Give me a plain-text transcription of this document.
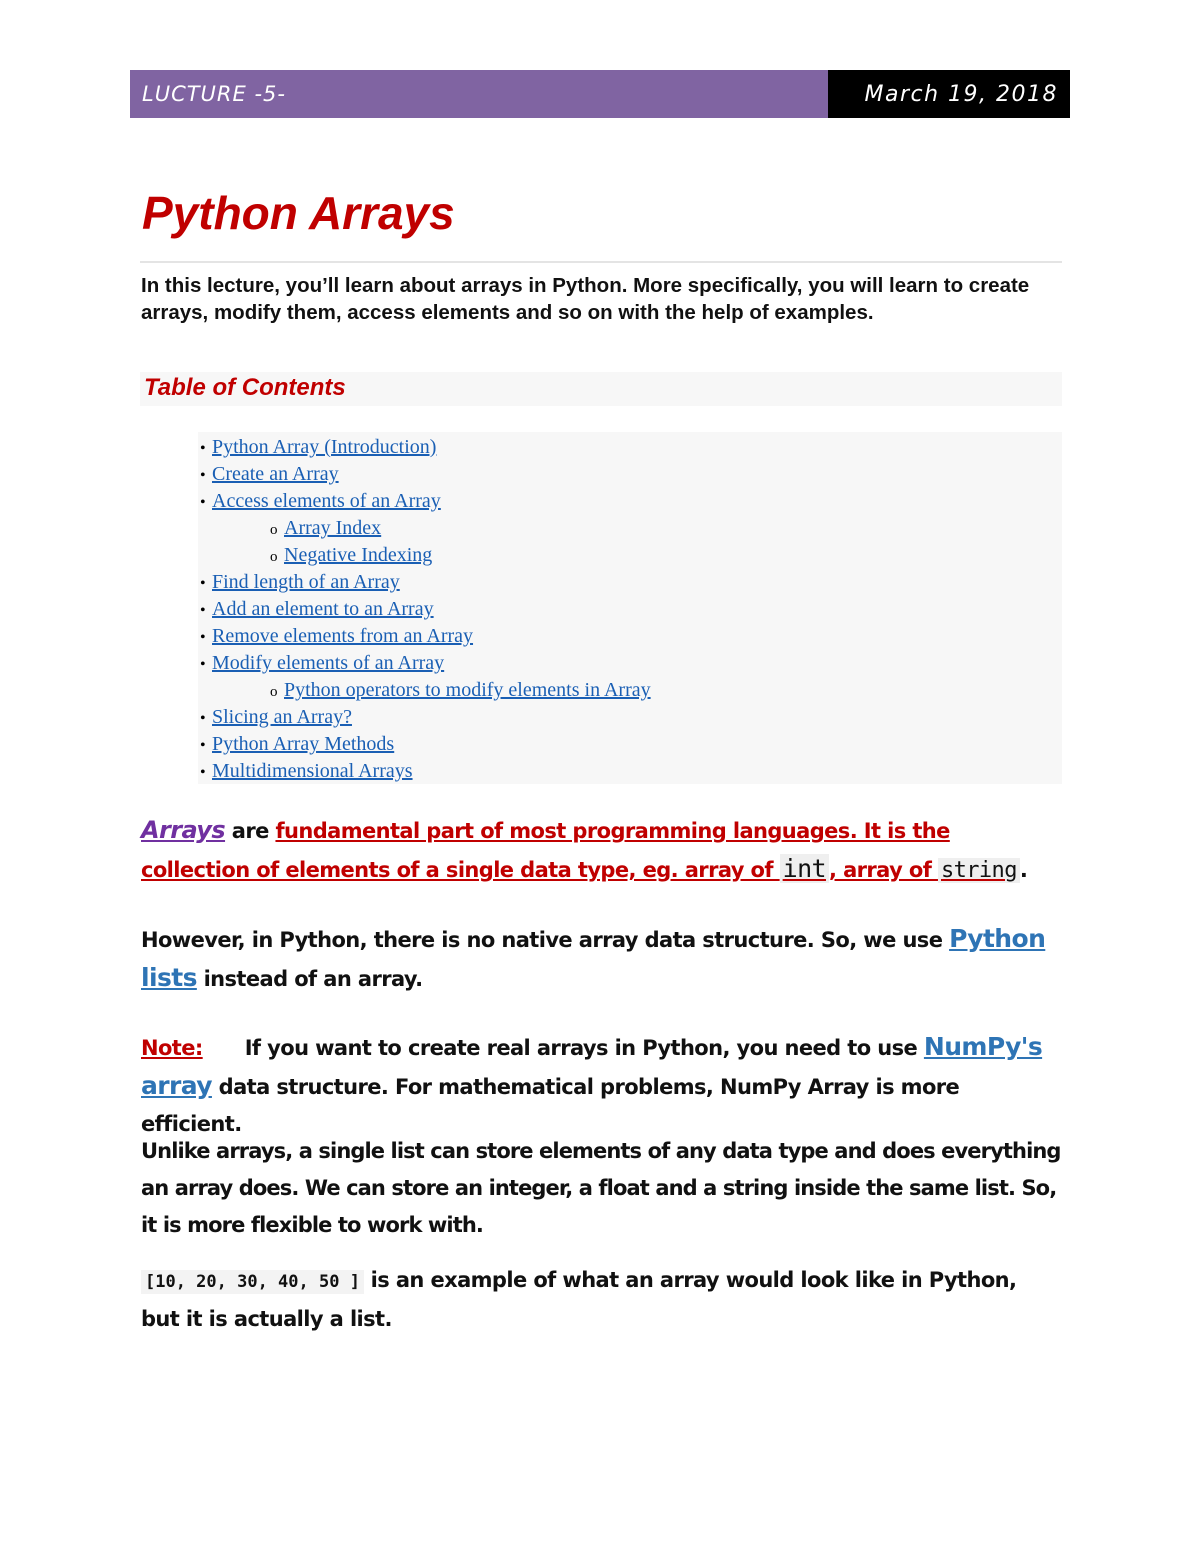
LUCTURE -5-	March 19, 2018
Python Arrays

In this lecture, you’ll learn about arrays in Python. More specifically, you will learn to create arrays, modify them, access elements and so on with the help of examples.

Table of Contents
• Python Array (Introduction)
• Create an Array
• Access elements of an Array
o Array Index
o Negative Indexing
• Find length of an Array
• Add an element to an Array
• Remove elements from an Array
• Modify elements of an Array
o Python operators to modify elements in Array
• Slicing an Array?
• Python Array Methods
• Multidimensional Arrays

Arrays are fundamental part of most programming languages. It is the collection of elements of a single data type, eg. array of int , array of string .

However, in Python, there is no native array data structure. So, we use Python lists instead of an array.

Note: If you want to create real arrays in Python, you need to use NumPy's array data structure. For mathematical problems, NumPy Array is more efficient.

Unlike arrays, a single list can store elements of any data type and does everything an array does. We can store an integer, a float and a string inside the same list. So, it is more flexible to work with.

[10, 20, 30, 40, 50 ] is an example of what an array would look like in Python, but it is actually a list.
